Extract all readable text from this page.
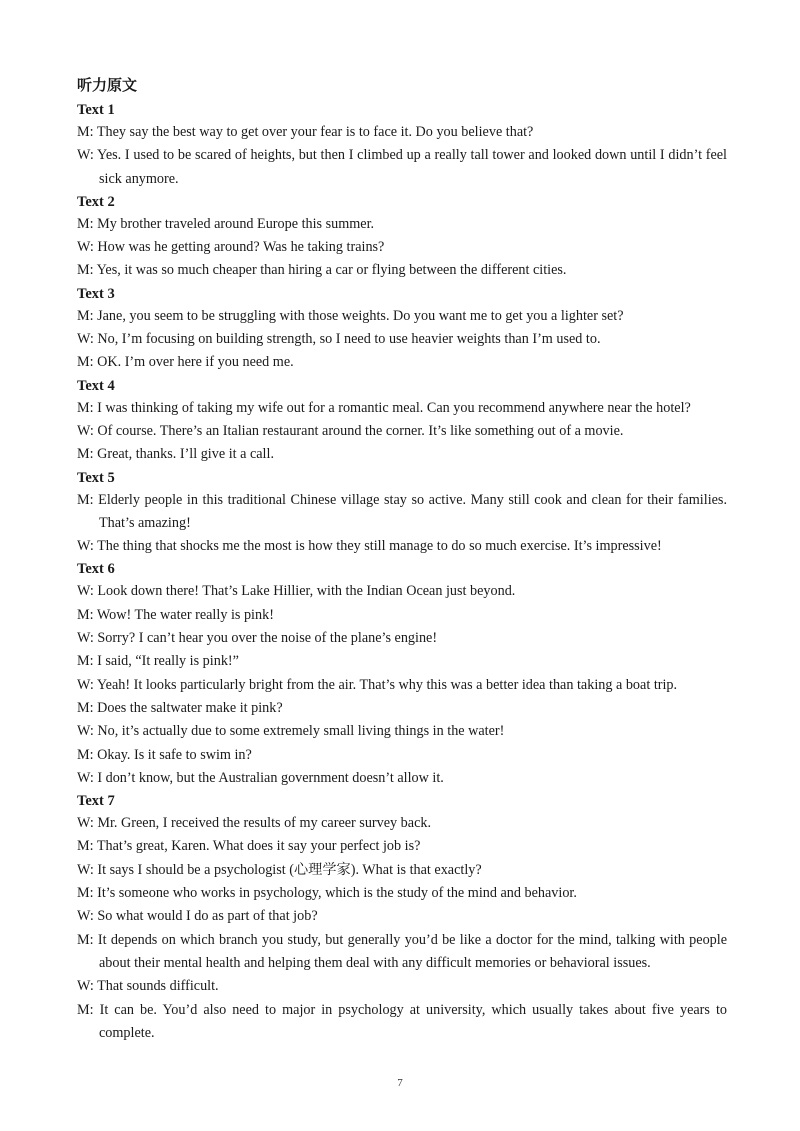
听力原文
Text 1
M: They say the best way to get over your fear is to face it. Do you believe that?
W: Yes. I used to be scared of heights, but then I climbed up a really tall tower and looked down until I didn’t feel sick anymore.
Text 2
M: My brother traveled around Europe this summer.
W: How was he getting around? Was he taking trains?
M: Yes, it was so much cheaper than hiring a car or flying between the different cities.
Text 3
M: Jane, you seem to be struggling with those weights. Do you want me to get you a lighter set?
W: No, I’m focusing on building strength, so I need to use heavier weights than I’m used to.
M: OK. I’m over here if you need me.
Text 4
M: I was thinking of taking my wife out for a romantic meal. Can you recommend anywhere near the hotel?
W: Of course. There’s an Italian restaurant around the corner. It’s like something out of a movie.
M: Great, thanks. I’ll give it a call.
Text 5
M: Elderly people in this traditional Chinese village stay so active. Many still cook and clean for their families. That’s amazing!
W: The thing that shocks me the most is how they still manage to do so much exercise. It’s impressive!
Text 6
W: Look down there! That’s Lake Hillier, with the Indian Ocean just beyond.
M: Wow! The water really is pink!
W: Sorry? I can’t hear you over the noise of the plane’s engine!
M: I said, “It really is pink!”
W: Yeah! It looks particularly bright from the air. That’s why this was a better idea than taking a boat trip.
M: Does the saltwater make it pink?
W: No, it’s actually due to some extremely small living things in the water!
M: Okay. Is it safe to swim in?
W: I don’t know, but the Australian government doesn’t allow it.
Text 7
W: Mr. Green, I received the results of my career survey back.
M: That’s great, Karen. What does it say your perfect job is?
W: It says I should be a psychologist (心理学家). What is that exactly?
M: It’s someone who works in psychology, which is the study of the mind and behavior.
W: So what would I do as part of that job?
M: It depends on which branch you study, but generally you’d be like a doctor for the mind, talking with people about their mental health and helping them deal with any difficult memories or behavioral issues.
W: That sounds difficult.
M: It can be. You’d also need to major in psychology at university, which usually takes about five years to complete.
7
